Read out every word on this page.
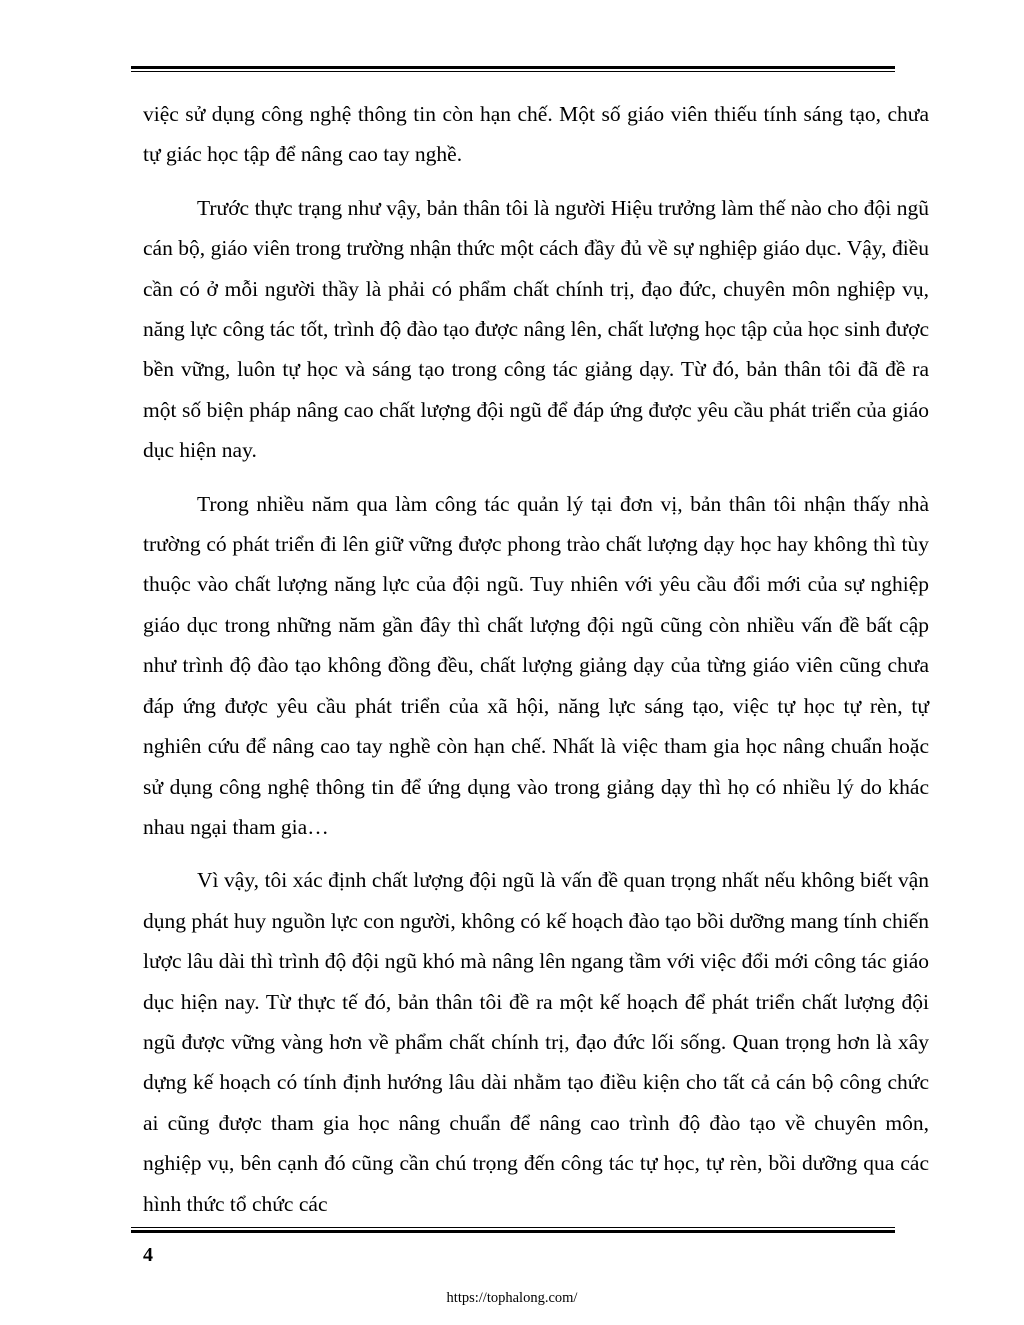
việc sử dụng công nghệ thông tin còn hạn chế. Một số giáo viên thiếu tính sáng tạo, chưa tự giác học tập để nâng cao tay nghề.

Trước thực trạng như vậy, bản thân tôi là người Hiệu trưởng làm thế nào cho đội ngũ cán bộ, giáo viên trong trường nhận thức một cách đầy đủ về sự nghiệp giáo dục. Vậy, điều cần có ở mỗi người thầy là phải có phẩm chất chính trị, đạo đức, chuyên môn nghiệp vụ, năng lực công tác tốt, trình độ đào tạo được nâng lên, chất lượng học tập của học sinh được bền vững, luôn tự học và sáng tạo trong công tác giảng dạy. Từ đó, bản thân tôi đã đề ra một số biện pháp nâng cao chất lượng đội ngũ để đáp ứng được yêu cầu phát triển của giáo dục hiện nay.

Trong nhiều năm qua làm công tác quản lý tại đơn vị, bản thân tôi nhận thấy nhà trường có phát triển đi lên giữ vững được phong trào chất lượng dạy học hay không thì tùy thuộc vào chất lượng năng lực của đội ngũ. Tuy nhiên với yêu cầu đổi mới của sự nghiệp giáo dục trong những năm gần đây thì chất lượng đội ngũ cũng còn nhiều vấn đề bất cập như trình độ đào tạo không đồng đều, chất lượng giảng dạy của từng giáo viên cũng chưa đáp ứng được yêu cầu phát triển của xã hội, năng lực sáng tạo, việc tự học tự rèn, tự nghiên cứu để nâng cao tay nghề còn hạn chế. Nhất là việc tham gia học nâng chuẩn hoặc sử dụng công nghệ thông tin để ứng dụng vào trong giảng dạy thì họ có nhiều lý do khác nhau ngại tham gia…

Vì vậy, tôi xác định chất lượng đội ngũ là vấn đề quan trọng nhất nếu không biết vận dụng phát huy nguồn lực con người, không có kế hoạch đào tạo bồi dưỡng mang tính chiến lược lâu dài thì trình độ đội ngũ khó mà nâng lên ngang tầm với việc đổi mới công tác giáo dục hiện nay. Từ thực tế đó, bản thân tôi đề ra một kế hoạch để phát triển chất lượng đội ngũ được vững vàng hơn về phẩm chất chính trị, đạo đức lối sống. Quan trọng hơn là xây dựng kế hoạch có tính định hướng lâu dài nhằm tạo điều kiện cho tất cả cán bộ công chức ai cũng được tham gia học nâng chuẩn để nâng cao trình độ đào tạo về chuyên môn, nghiệp vụ, bên cạnh đó cũng cần chú trọng đến công tác tự học, tự rèn, bồi dưỡng qua các hình thức tổ chức các

4
https://tophalong.com/
